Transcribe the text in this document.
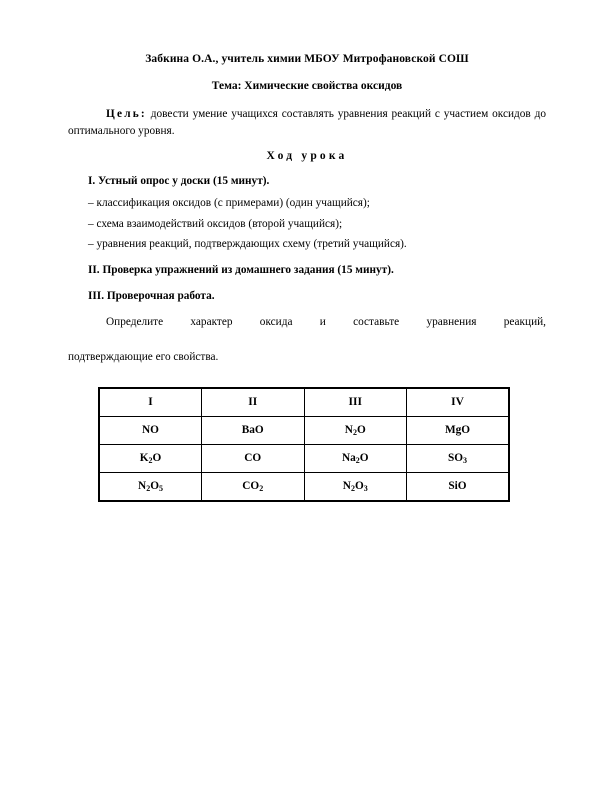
Забкина О.А., учитель химии МБОУ Митрофановской СОШ
Тема: Химические свойства оксидов

Цель: довести умение учащихся составлять уравнения реакций с участием оксидов до оптимального уровня.

Ход урока
I. Устный опрос у доски (15 минут).
– классификация оксидов (с примерами) (один учащийся);
– схема взаимодействий оксидов (второй учащийся);
– уравнения реакций, подтверждающих схему (третий учащийся).
II. Проверка упражнений из домашнего задания (15 минут).
III. Проверочная работа.
Определите характер оксида и составьте уравнения реакций,
подтверждающие его свойства.
I	II	III	IV
NO	BaO	$N_2O$	MgO
$K_2O$	CO	$Na_2O$	$SO_3$
$N_2O_5$	$CO_2$	$N_2O_3$	SiO
